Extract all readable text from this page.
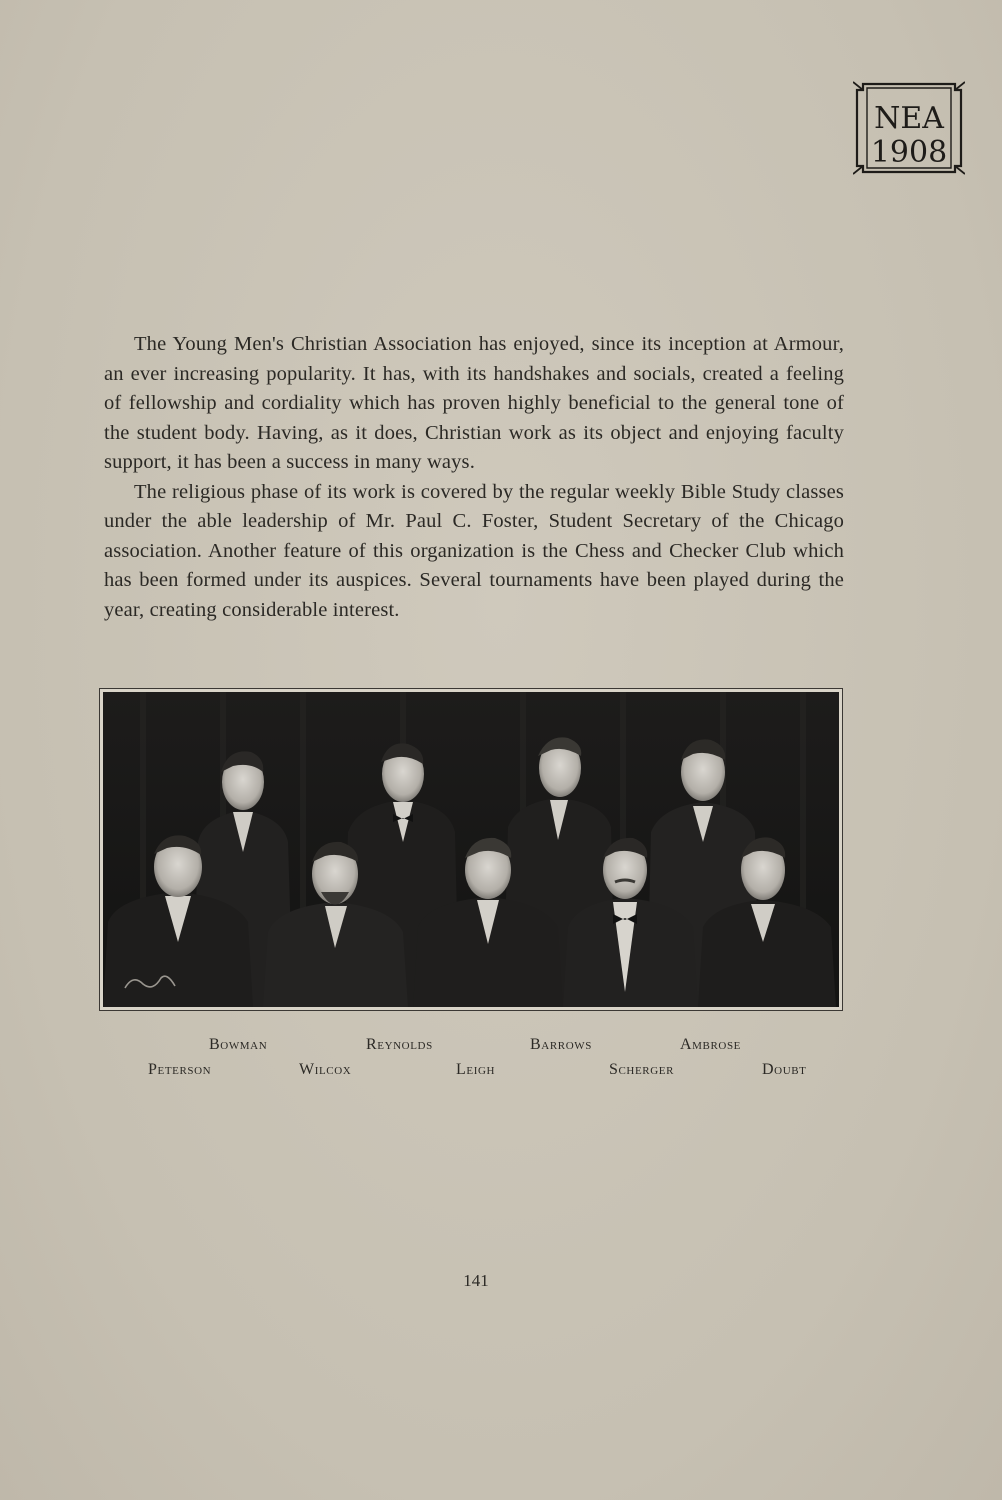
NEA
1908

The Young Men's Christian Association has enjoyed, since its inception at Armour, an ever increasing popularity. It has, with its handshakes and socials, created a feeling of fellowship and cordiality which has proven highly beneficial to the general tone of the student body. Having, as it does, Christian work as its object and enjoying faculty support, it has been a success in many ways.

The religious phase of its work is covered by the regular weekly Bible Study classes under the able leadership of Mr. Paul C. Foster, Student Secretary of the Chicago association. Another feature of this organization is the Chess and Checker Club which has been formed under its auspices. Several tournaments have been played during the year, creating considerable interest.

Bowman	Reynolds	Barrows	Ambrose
Peterson	Wilcox	Leigh	Scherger	Doubt
141
